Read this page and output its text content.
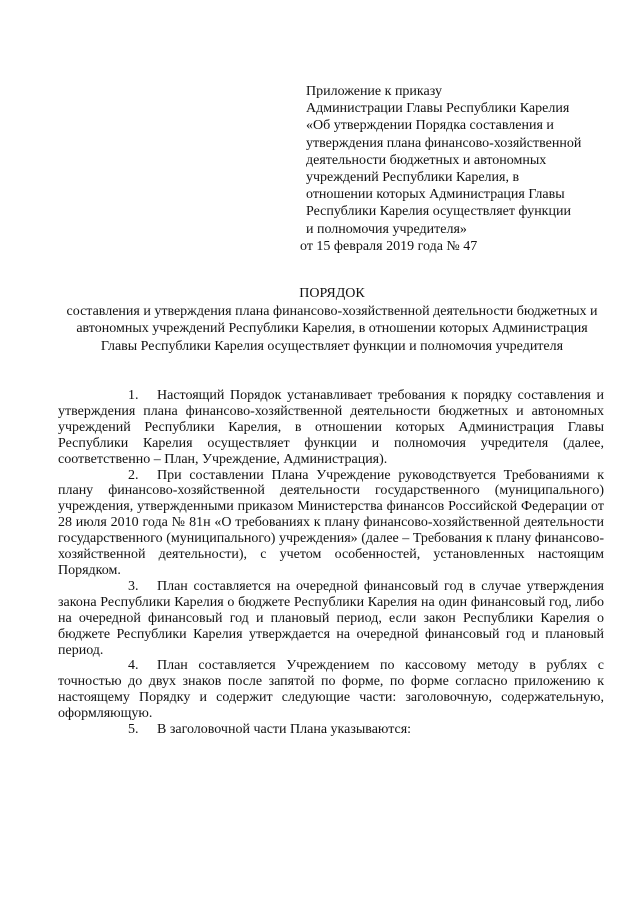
Приложение к приказу
Администрации Главы Республики Карелия
«Об утверждении Порядка составления и
утверждения плана финансово-хозяйственной
деятельности бюджетных и автономных
учреждений Республики Карелия, в
отношении которых Администрация Главы
Республики Карелия осуществляет функции
и полномочия учредителя»
от 15 февраля 2019 года № 47
ПОРЯДОК
составления и утверждения плана финансово-хозяйственной деятельности бюджетных и автономных учреждений Республики Карелия, в отношении которых Администрация Главы Республики Карелия осуществляет функции и полномочия учредителя

1. Настоящий Порядок устанавливает требования к порядку составления и утверждения плана финансово-хозяйственной деятельности бюджетных и автономных учреждений Республики Карелия, в отношении которых Администрация Главы Республики Карелия осуществляет функции и полномочия учредителя (далее, соответственно – План, Учреждение, Администрация).

2. При составлении Плана Учреждение руководствуется Требованиями к плану финансово-хозяйственной деятельности государственного (муниципального) учреждения, утвержденными приказом Министерства финансов Российской Федерации от 28 июля 2010 года № 81н «О требованиях к плану финансово-хозяйственной деятельности государственного (муниципального) учреждения» (далее – Требования к плану финансово-хозяйственной деятельности), с учетом особенностей, установленных настоящим Порядком.

3. План составляется на очередной финансовый год в случае утверждения закона Республики Карелия о бюджете Республики Карелия на один финансовый год, либо на очередной финансовый год и плановый период, если закон Республики Карелия о бюджете Республики Карелия утверждается на очередной финансовый год и плановый период.

4. План составляется Учреждением по кассовому методу в рублях с точностью до двух знаков после запятой по форме, по форме согласно приложению к настоящему Порядку и содержит следующие части: заголовочную, содержательную, оформляющую.

5. В заголовочной части Плана указываются:
